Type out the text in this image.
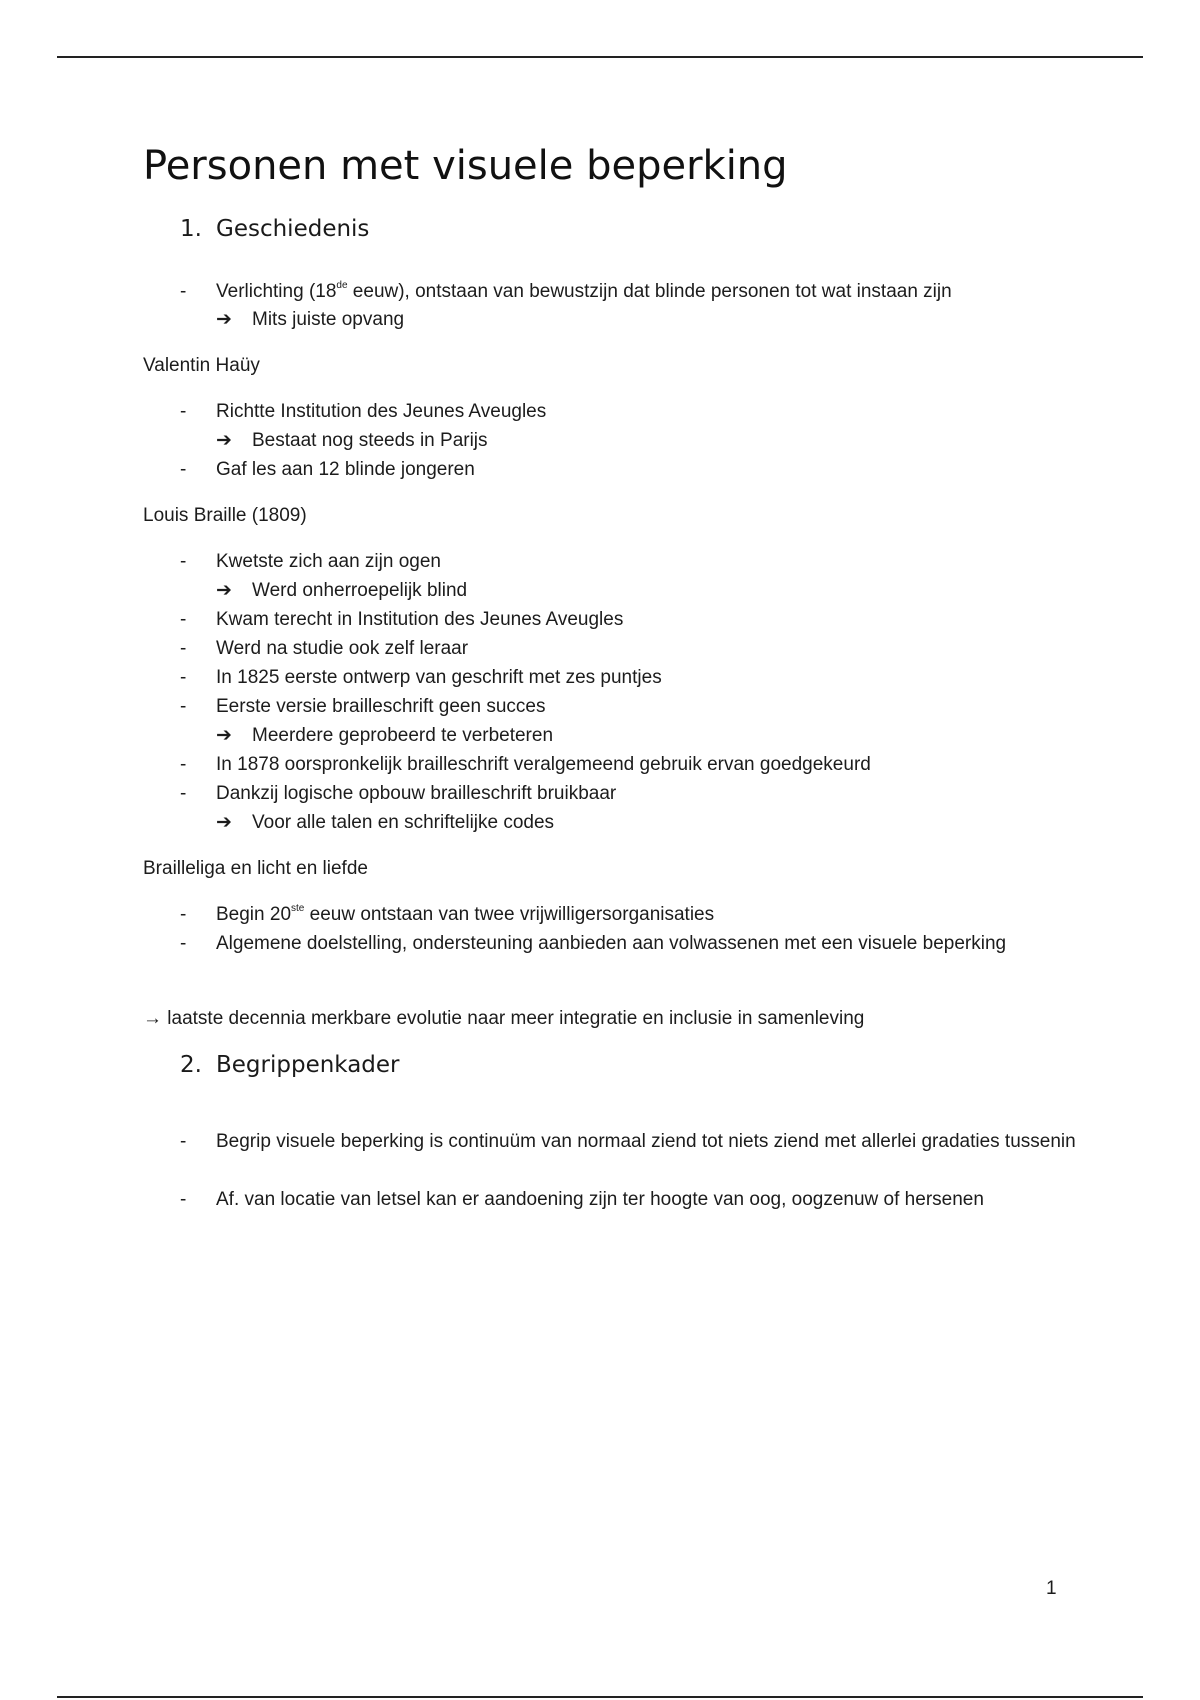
Personen met visuele beperking
1. Geschiedenis
- Verlichting (18de eeuw), ontstaan van bewustzijn dat blinde personen tot wat instaan zijn
➔ Mits juiste opvang
Valentin Haüy
- Richtte Institution des Jeunes Aveugles
➔ Bestaat nog steeds in Parijs
- Gaf les aan 12 blinde jongeren
Louis Braille (1809)
- Kwetste zich aan zijn ogen
➔ Werd onherroepelijk blind
- Kwam terecht in Institution des Jeunes Aveugles
- Werd na studie ook zelf leraar
- In 1825 eerste ontwerp van geschrift met zes puntjes
- Eerste versie brailleschrift geen succes
➔ Meerdere geprobeerd te verbeteren
- In 1878 oorspronkelijk brailleschrift veralgemeend gebruik ervan goedgekeurd
- Dankzij logische opbouw brailleschrift bruikbaar
➔ Voor alle talen en schriftelijke codes
Brailleliga en licht en liefde
- Begin 20ste eeuw ontstaan van twee vrijwilligersorganisaties
- Algemene doelstelling, ondersteuning aanbieden aan volwassenen met een visuele beperking
→ laatste decennia merkbare evolutie naar meer integratie en inclusie in samenleving
2. Begrippenkader
- Begrip visuele beperking is continuüm van normaal ziend tot niets ziend met allerlei gradaties tussenin
- Af. van locatie van letsel kan er aandoening zijn ter hoogte van oog, oogzenuw of hersenen
1
